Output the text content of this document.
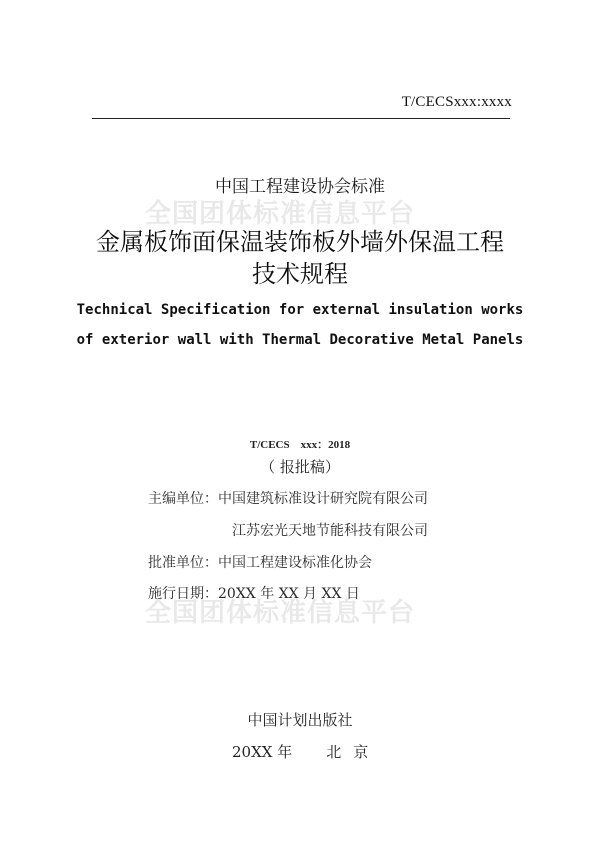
T/CECSxxx:xxxx
中国工程建设协会标准
全国团体标准信息平台
金属板饰面保温装饰板外墙外保温工程
技术规程
Technical Specification for external insulation works
of exterior wall with Thermal Decorative Metal Panels
T/CECS　xxx：2018
（ 报批稿）
主编单位：中国建筑标准设计研究院有限公司
江苏宏光天地节能科技有限公司
批准单位：中国工程建设标准化协会
施行日期：20XX 年 XX 月 XX 日
全国团体标准信息平台
中国计划出版社
20XX 年 北 京
